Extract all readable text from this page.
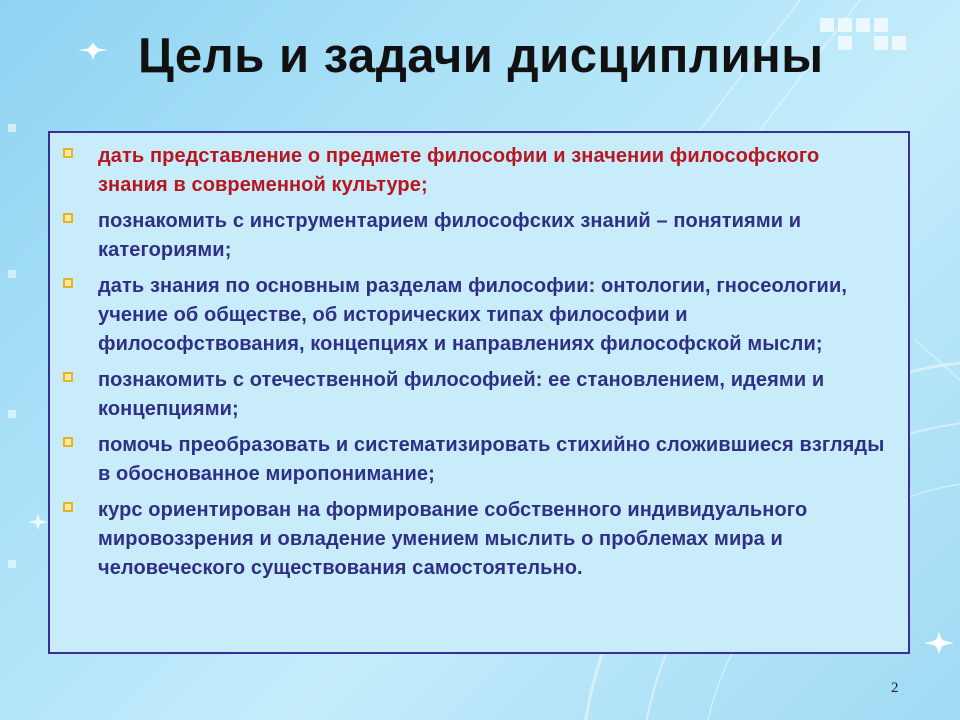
Цель и задачи дисциплины
дать представление о предмете философии и значении философского знания в современной культуре;
познакомить с инструментарием философских знаний – понятиями и категориями;
дать знания по основным разделам философии: онтологии, гносеологии, учение об обществе, об исторических типах философии и философствования, концепциях и направлениях философской мысли;
познакомить с отечественной философией: ее становлением, идеями и концепциями;
помочь преобразовать и систематизировать стихийно сложившиеся взгляды в обоснованное миропонимание;
курс ориентирован на формирование собственного индивидуального мировоззрения и овладение умением мыслить о проблемах мира и человеческого существования самостоятельно.
2
